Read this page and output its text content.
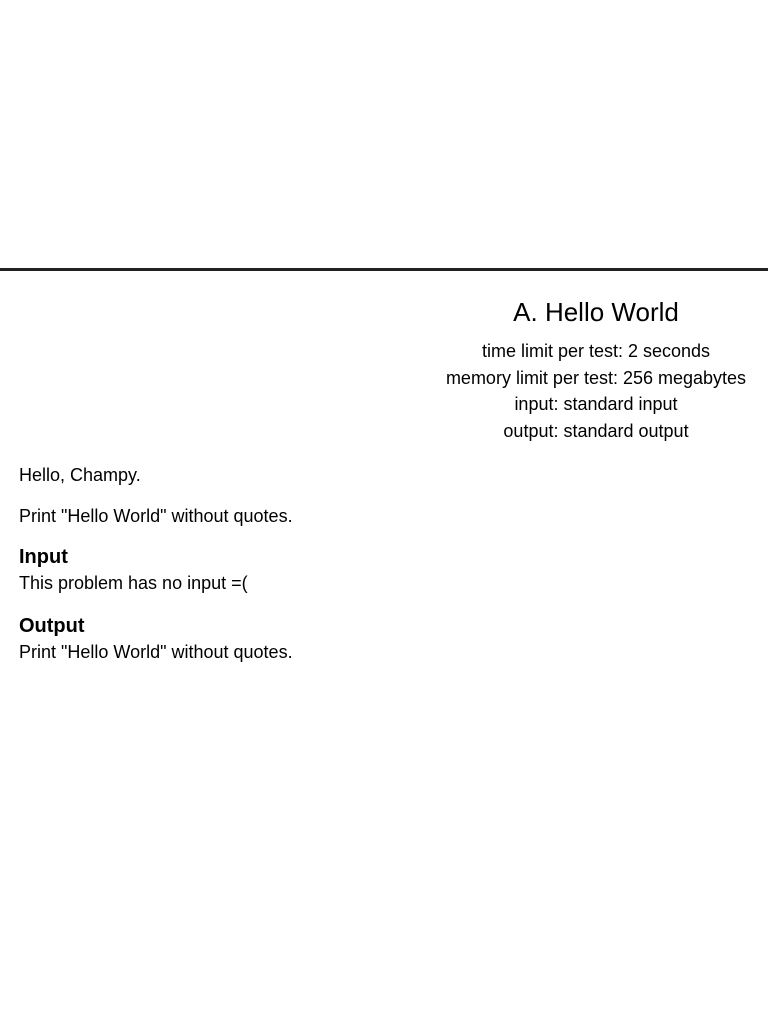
A. Hello World

time limit per test: 2 seconds

memory limit per test: 256 megabytes

input: standard input

output: standard output

Hello, Champy.

Print "Hello World" without quotes.

Input

This problem has no input =(

Output

Print "Hello World" without quotes.
